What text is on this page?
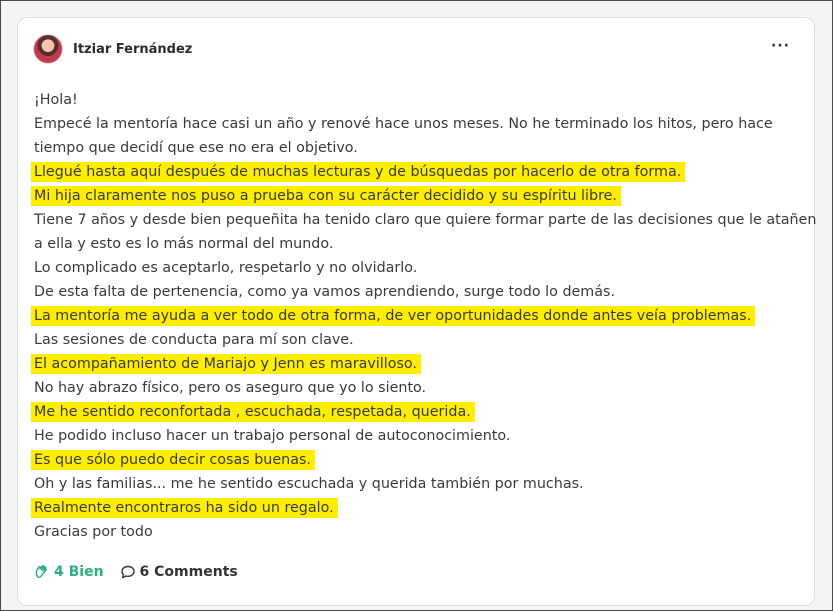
Itziar Fernández	···
¡Hola!
Empecé la mentoría hace casi un año y renové hace unos meses. No he terminado los hitos, pero hace
tiempo que decidí que ese no era el objetivo.
Llegué hasta aquí después de muchas lecturas y de búsquedas por hacerlo de otra forma.
Mi hija claramente nos puso a prueba con su carácter decidido y su espíritu libre.
Tiene 7 años y desde bien pequeñita ha tenido claro que quiere formar parte de las decisiones que le atañen
a ella y esto es lo más normal del mundo.
Lo complicado es aceptarlo, respetarlo y no olvidarlo.
De esta falta de pertenencia, como ya vamos aprendiendo, surge todo lo demás.
La mentoría me ayuda a ver todo de otra forma, de ver oportunidades donde antes veía problemas.
Las sesiones de conducta para mí son clave.
El acompañamiento de Mariajo y Jenn es maravilloso.
No hay abrazo físico, pero os aseguro que yo lo siento.
Me he sentido reconfortada , escuchada, respetada, querida.
He podido incluso hacer un trabajo personal de autoconocimiento.
Es que sólo puedo decir cosas buenas.
Oh y las familias... me he sentido escuchada y querida también por muchas.
Realmente encontraros ha sido un regalo.
Gracias por todo
4 Bien	6 Comments
